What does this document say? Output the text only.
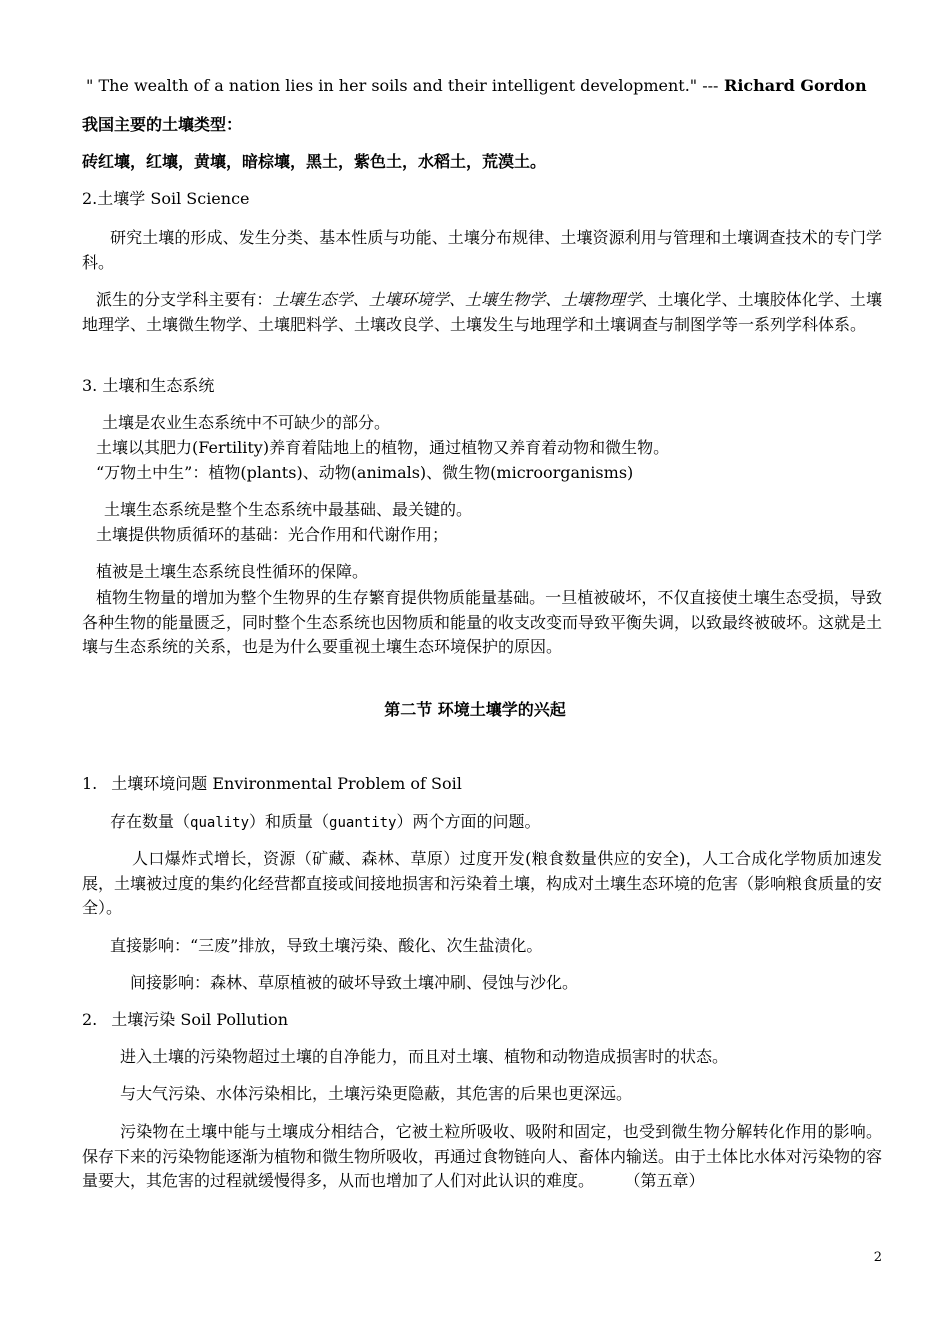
" The wealth of a nation lies in her soils and their intelligent development." --- Richard Gordon
我国主要的土壤类型：
砖红壤，红壤，黄壤，暗棕壤，黑土，紫色土，水稻土，荒漠土。
2.土壤学 Soil Science
研究土壤的形成、发生分类、基本性质与功能、土壤分布规律、土壤资源利用与管理和土壤调查技术的专门学科。
派生的分支学科主要有：土壤生态学、土壤环境学、土壤生物学、土壤物理学、土壤化学、土壤胶体化学、土壤地理学、土壤微生物学、土壤肥料学、土壤改良学、土壤发生与地理学和土壤调查与制图学等一系列学科体系。
3. 土壤和生态系统
土壤是农业生态系统中不可缺少的部分。
土壤以其肥力(Fertility)养育着陆地上的植物，通过植物又养育着动物和微生物。
“万物土中生”：植物(plants)、动物(animals)、微生物(microorganisms)
土壤生态系统是整个生态系统中最基础、最关键的。
土壤提供物质循环的基础：光合作用和代谢作用；
植被是土壤生态系统良性循环的保障。
植物生物量的增加为整个生物界的生存繁育提供物质能量基础。一旦植被破坏，不仅直接使土壤生态受损，导致各种生物的能量匮乏，同时整个生态系统也因物质和能量的收支改变而导致平衡失调，以致最终被破坏。这就是土壤与生态系统的关系，也是为什么要重视土壤生态环境保护的原因。
第二节 环境土壤学的兴起
1. 土壤环境问题 Environmental Problem of Soil
存在数量（quality）和质量（guantity）两个方面的问题。
人口爆炸式增长，资源（矿藏、森林、草原）过度开发(粮食数量供应的安全)，人工合成化学物质加速发展，土壤被过度的集约化经营都直接或间接地损害和污染着土壤，构成对土壤生态环境的危害（影响粮食质量的安全）。
直接影响：“三废”排放，导致土壤污染、酸化、次生盐渍化。
间接影响：森林、草原植被的破坏导致土壤冲刷、侵蚀与沙化。
2. 土壤污染 Soil Pollution
进入土壤的污染物超过土壤的自净能力，而且对土壤、植物和动物造成损害时的状态。
与大气污染、水体污染相比，土壤污染更隐蔽，其危害的后果也更深远。
污染物在土壤中能与土壤成分相结合，它被土粒所吸收、吸附和固定，也受到微生物分解转化作用的影响。保存下来的污染物能逐渐为植物和微生物所吸收，再通过食物链向人、畜体内输送。由于土体比水体对污染物的容量要大，其危害的过程就缓慢得多，从而也增加了人们对此认识的难度。      （第五章）
2
